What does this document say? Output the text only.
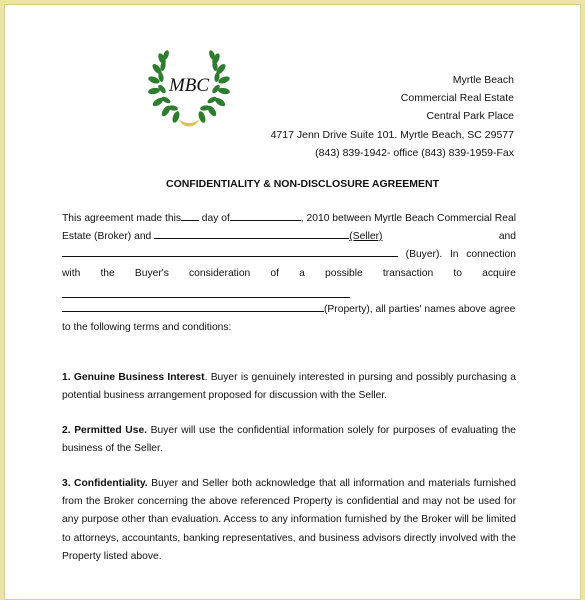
MBC	Myrtle Beach
Commercial Real Estate
Central Park Place
4717 Jenn Drive Suite 101. Myrtle Beach, SC 29577
(843) 839-1942- office (843) 839-1959-Fax
CONFIDENTIALITY & NON-DISCLOSURE AGREEMENT
This agreement made this day of	, 2010 between Myrtle Beach Commercial Real
Estate (Broker) and	(Seller)	and
(Buyer). In connection
with the Buyer's consideration of a possible transaction to acquire
(Property), all parties' names above agree
to the following terms and conditions:
1. Genuine Business Interest. Buyer is genuinely interested in pursing and possibly purchasing a potential business arrangement proposed for discussion with the Seller.
2. Permitted Use. Buyer will use the confidential information solely for purposes of evaluating the business of the Seller.
3. Confidentiality. Buyer and Seller both acknowledge that all information and materials furnished from the Broker concerning the above referenced Property is confidential and may not be used for any purpose other than evaluation. Access to any information furnished by the Broker will be limited to attorneys, accountants, banking representatives, and business advisors directly involved with the Property listed above.
